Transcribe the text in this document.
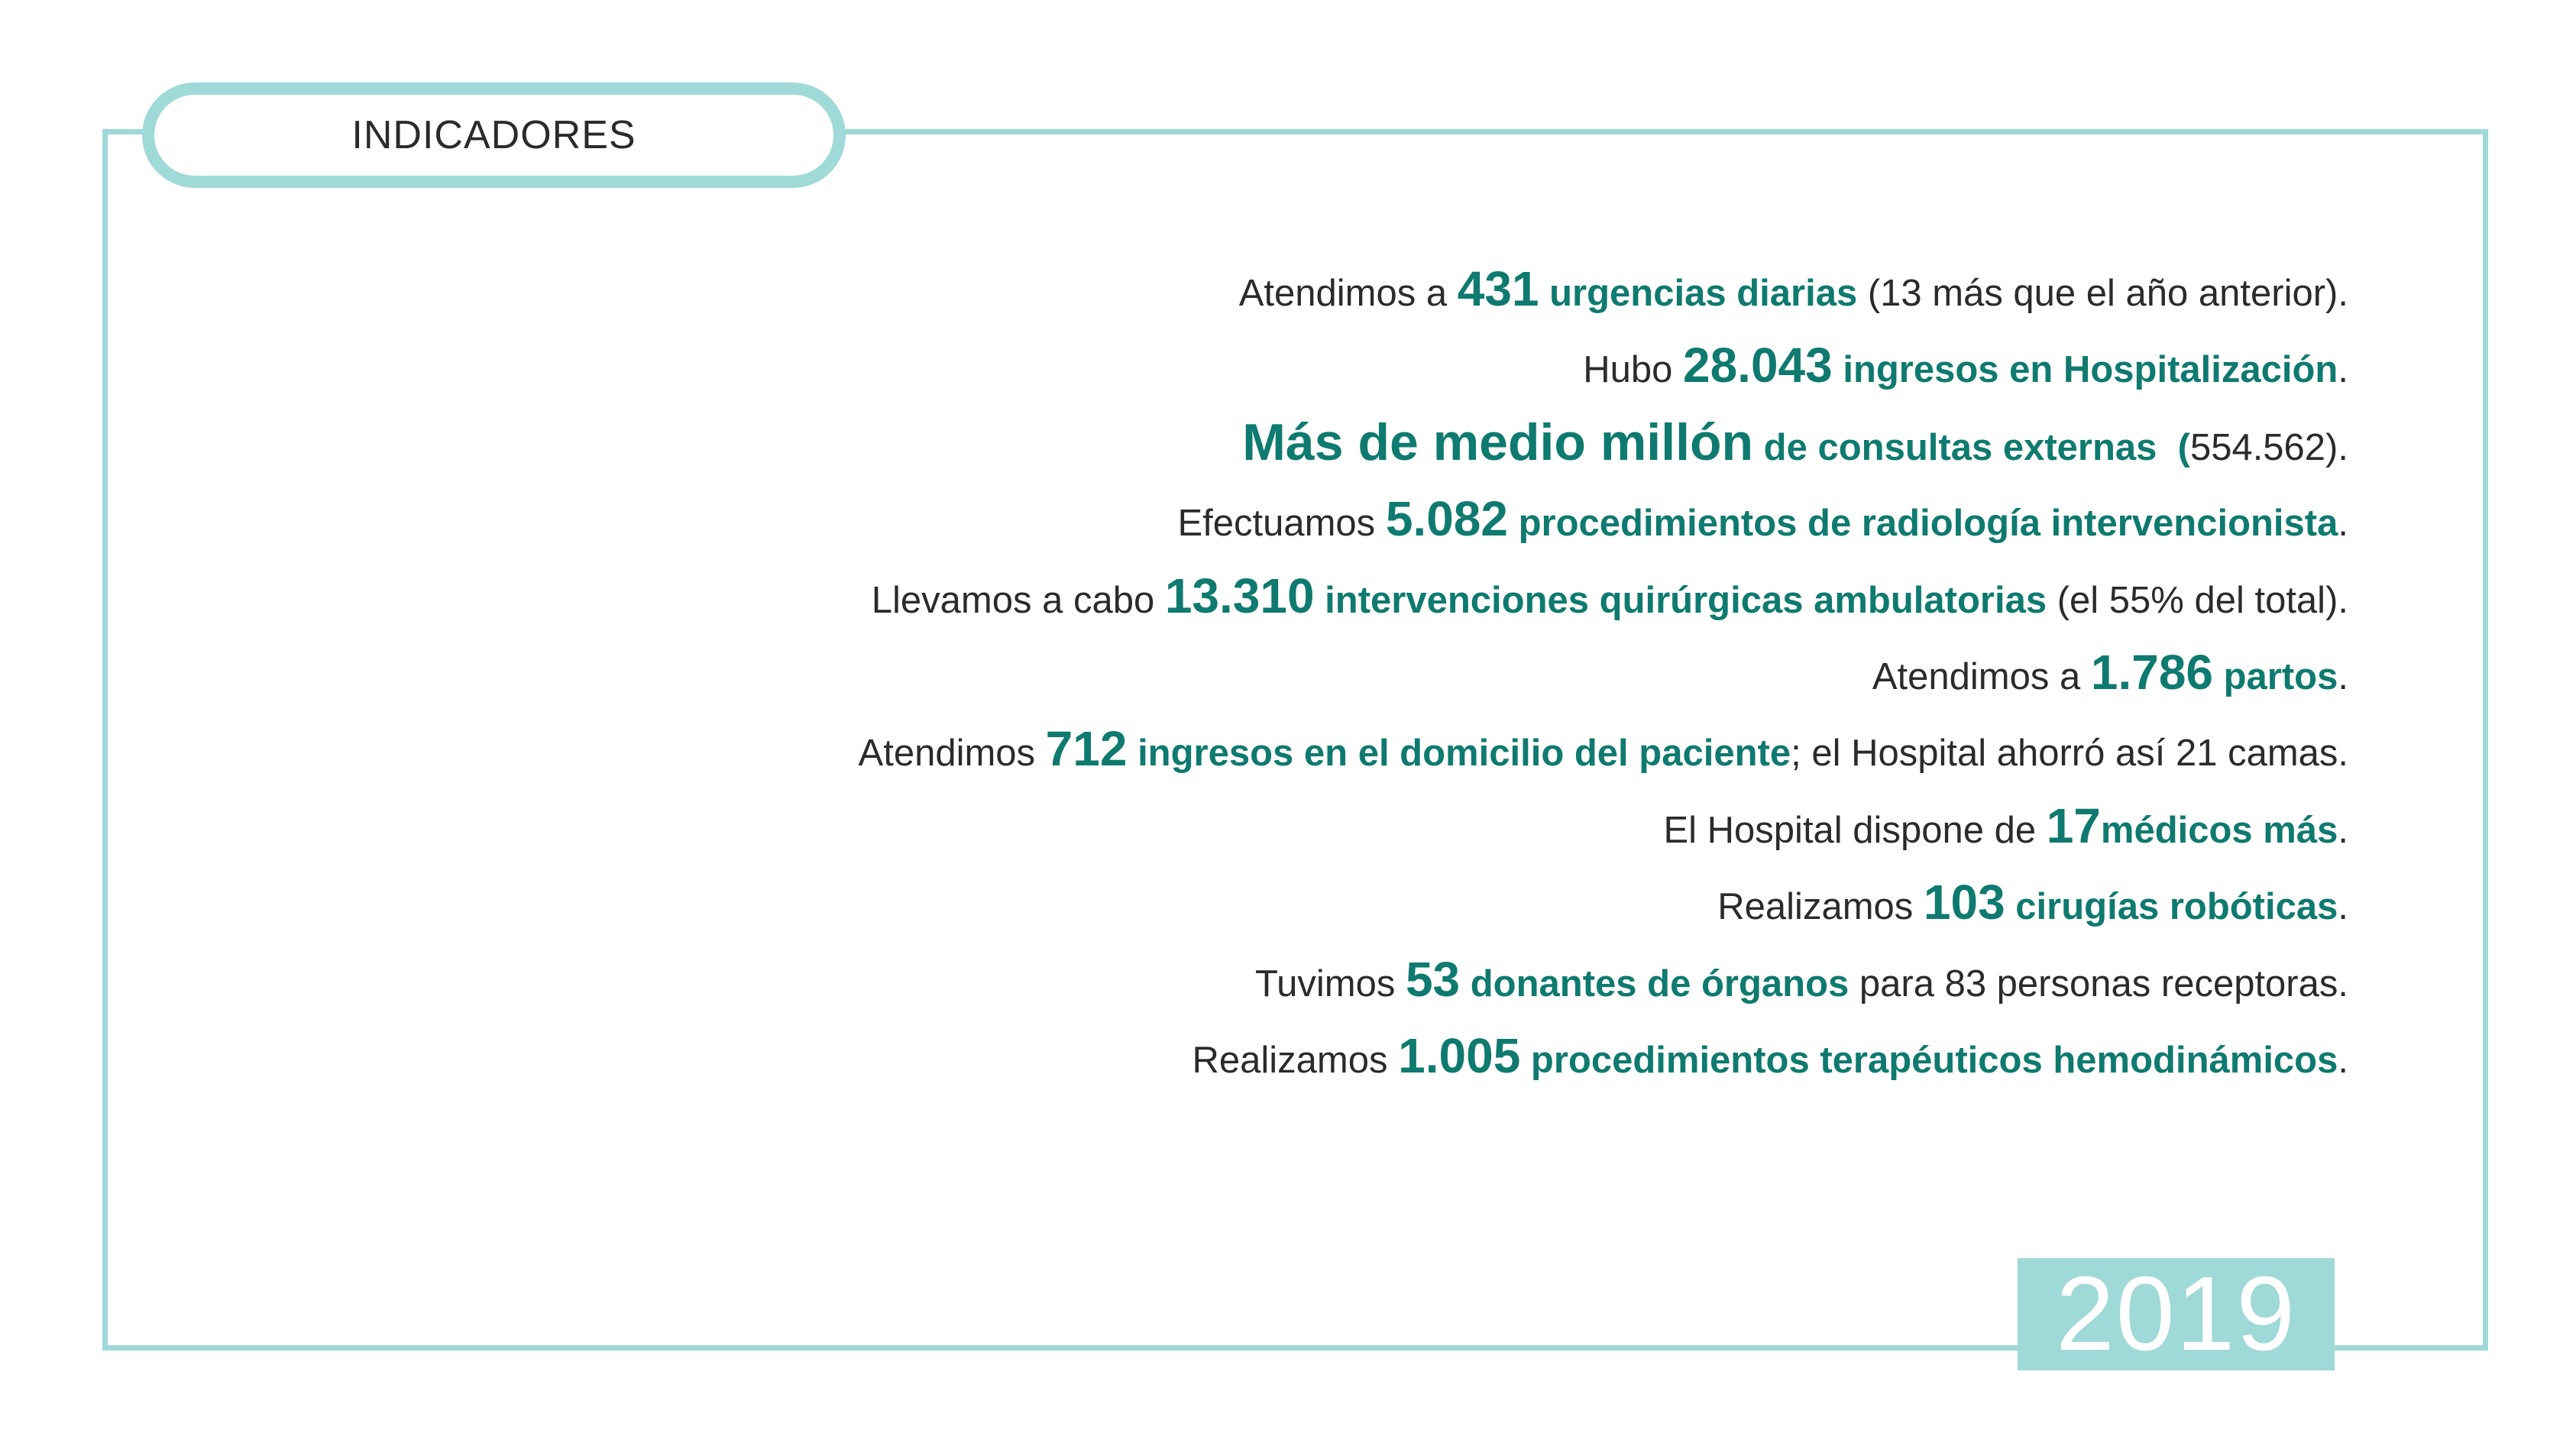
INDICADORES
Atendimos a 431 urgencias diarias (13 más que el año anterior).
Hubo 28.043 ingresos en Hospitalización.
Más de medio millón de consultas externas  (554.562).
Efectuamos 5.082 procedimientos de radiología intervencionista.
Llevamos a cabo 13.310 intervenciones quirúrgicas ambulatorias (el 55% del total).
Atendimos a 1.786 partos.
Atendimos 712 ingresos en el domicilio del paciente; el Hospital ahorró así 21 camas.
El Hospital dispone de 17médicos más.
Realizamos 103 cirugías robóticas.
Tuvimos 53 donantes de órganos para 83 personas receptoras.
Realizamos 1.005 procedimientos terapéuticos hemodinámicos.
2019
